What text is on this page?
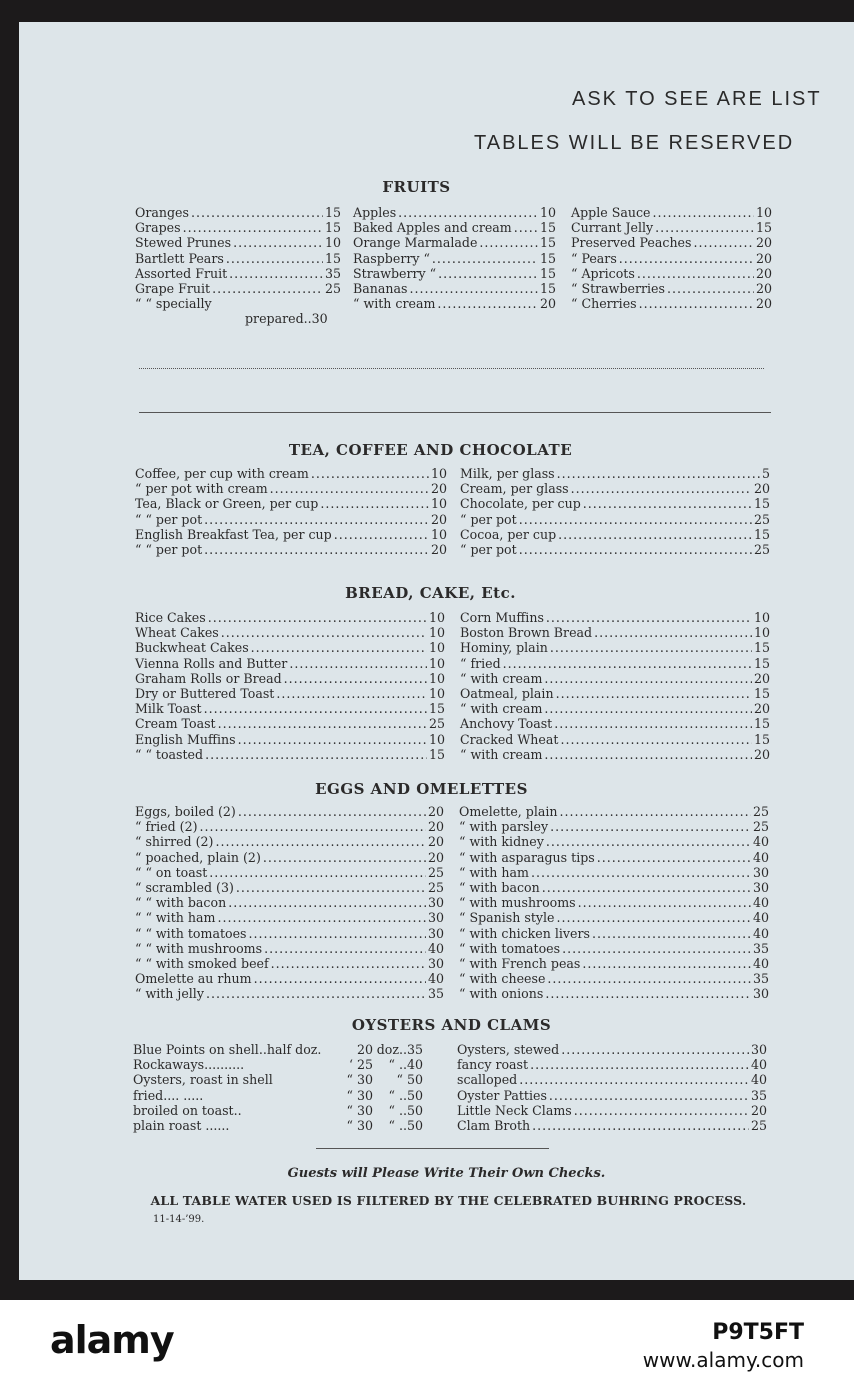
ASK TO SEE ARE LIST
TABLES WILL BE RESERVED
FRUITS
Oranges .....	15
Grapes .....	15
Stewed Prunes .....	10
Bartlett Pears .....	15
Assorted Fruit .....	35
Grape Fruit .....	25
“ “ specially
prepared..30
Apples .....	10
Baked Apples and cream ..... 15
Orange Marmalade .....	15
Raspberry “ .....	15
Strawberry “ .....	15
Bananas .....	15
“ with cream .....	20
Apple Sauce .....	10
Currant Jelly .....	15
Preserved Peaches .....	20
“ Pears .....	20
“ Apricots .....	20
“ Strawberries .....	20
“ Cherries .....	20
TEA, COFFEE AND CHOCOLATE
Coffee, per cup with cream .....	10
“ per pot with cream .....	20
Tea, Black or Green, per cup .....	10
“ “ per pot .....	20
English Breakfast Tea, per cup .....	10
“ “ per pot .....	20
Milk, per glass .....	5
Cream, per glass .....	20
Chocolate, per cup .....	15
“ per pot .....	25
Cocoa, per cup .....	15
“ per pot .....	25
BREAD, CAKE, Etc.
Rice Cakes .....	10
Wheat Cakes .....	10
Buckwheat Cakes .....	10
Vienna Rolls and Butter .....	10
Graham Rolls or Bread .....	10
Dry or Buttered Toast .....	10
Milk Toast .....	15
Cream Toast .....	25
English Muffins .....	10
“ “ toasted .....	15
Corn Muffins .....	10
Boston Brown Bread .....	10
Hominy, plain .....	15
“ fried .....	15
“ with cream .....	20
Oatmeal, plain .....	15
“ with cream .....	20
Anchovy Toast .....	15
Cracked Wheat .....	15
“ with cream .....	20
EGGS AND OMELETTES
Eggs, boiled (2) .....	20
“ fried (2) .....	20
“ shirred (2) .....	20
“ poached, plain (2) .....	20
“ “ on toast .....	25
“ scrambled (3) .....	25
“ “ with bacon .....	30
“ “ with ham .....	30
“ “ with tomatoes .....	30
“ “ with mushrooms .....	40
“ “ with smoked beef .....	30
Omelette au rhum .....	40
“ with jelly .....	35
Omelette, plain .....	25
“ with parsley .....	25
“ with kidney .....	40
“ with asparagus tips .....	40
“ with ham .....	30
“ with bacon .....	30
“ with mushrooms .....	40
“ Spanish style .....	40
“ with chicken livers .....	40
“ with tomatoes .....	35
“ with French peas .....	40
“ with cheese .....	35
“ with onions .....	30
OYSTERS AND CLAMS
Blue Points on shell..half doz.	20 doz..35
Rockaways..........	‘ 25	“ ..40
Oysters, roast in shell	“ 30	“ 50
fried.... .....	“ 30	“ ..50
broiled on toast..	“ 30	“ ..50
plain roast ......	“ 30	“ ..50
Oysters, stewed .....	30
fancy roast .....	40
scalloped .....	40
Oyster Patties .....	35
Little Neck Clams .....	20
Clam Broth .....	25
Guests will Please Write Their Own Checks.
ALL TABLE WATER USED IS FILTERED BY THE CELEBRATED BUHRING PROCESS.
11-14-’99.
alamy	P9T5FT
www.alamy.com
